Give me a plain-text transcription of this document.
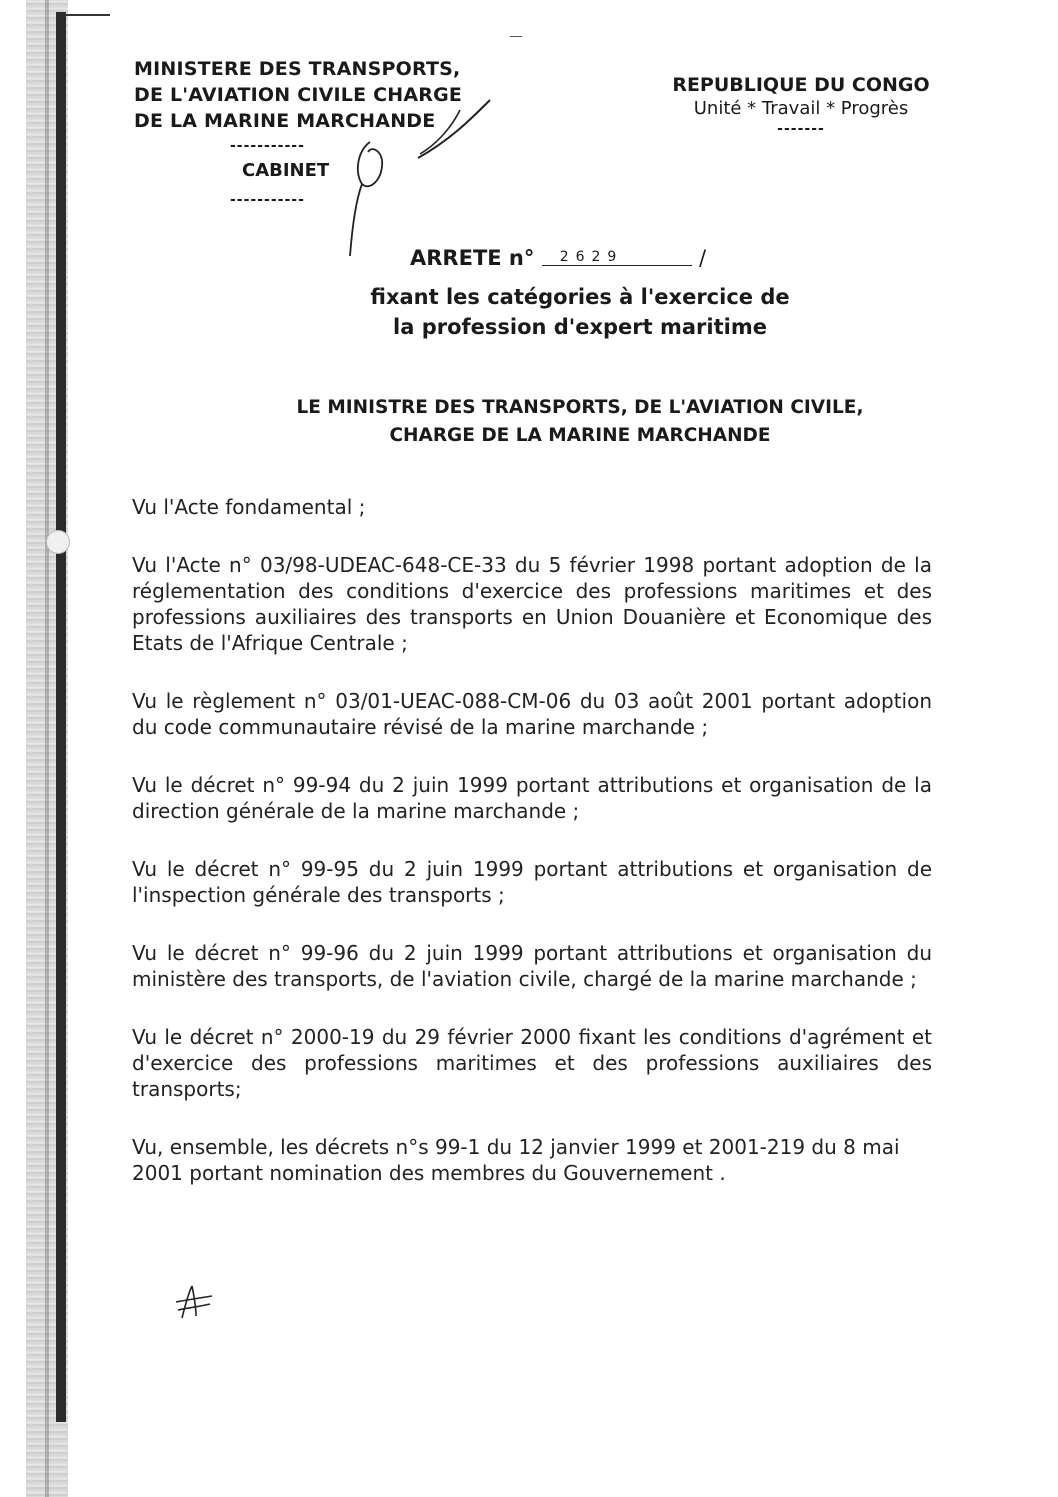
MINISTERE DES TRANSPORTS,
DE L'AVIATION CIVILE CHARGE
DE LA MARINE MARCHANDE
-----------
CABINET
-----------
REPUBLIQUE DU CONGO
Unité * Travail * Progrès
-------
ARRETE n° 2629	/
fixant les catégories à l'exercice de
la profession d'expert maritime
LE MINISTRE DES TRANSPORTS, DE L'AVIATION CIVILE,
CHARGE DE LA MARINE MARCHANDE

Vu l'Acte fondamental ;

Vu l'Acte n° 03/98-UDEAC-648-CE-33 du 5 février 1998 portant adoption de la réglementation des conditions d'exercice des professions maritimes et des professions auxiliaires des transports en Union Douanière et Economique des Etats de l'Afrique Centrale ;

Vu le règlement n° 03/01-UEAC-088-CM-06 du 03 août 2001 portant adoption du code communautaire révisé de la marine marchande ;

Vu le décret n° 99-94 du 2 juin 1999 portant attributions et organisation de la direction générale de la marine marchande ;

Vu le décret n° 99-95 du 2 juin 1999 portant attributions et organisation de l'inspection générale des transports ;

Vu le décret n° 99-96 du 2 juin 1999 portant attributions et organisation du ministère des transports, de l'aviation civile, chargé de la marine marchande ;

Vu le décret n° 2000-19 du 29 février 2000 fixant les conditions d'agrément et d'exercice des professions maritimes et des professions auxiliaires des transports;

Vu, ensemble, les décrets n°s 99-1 du 12 janvier 1999 et 2001-219 du 8 mai 2001 portant nomination des membres du Gouvernement .
